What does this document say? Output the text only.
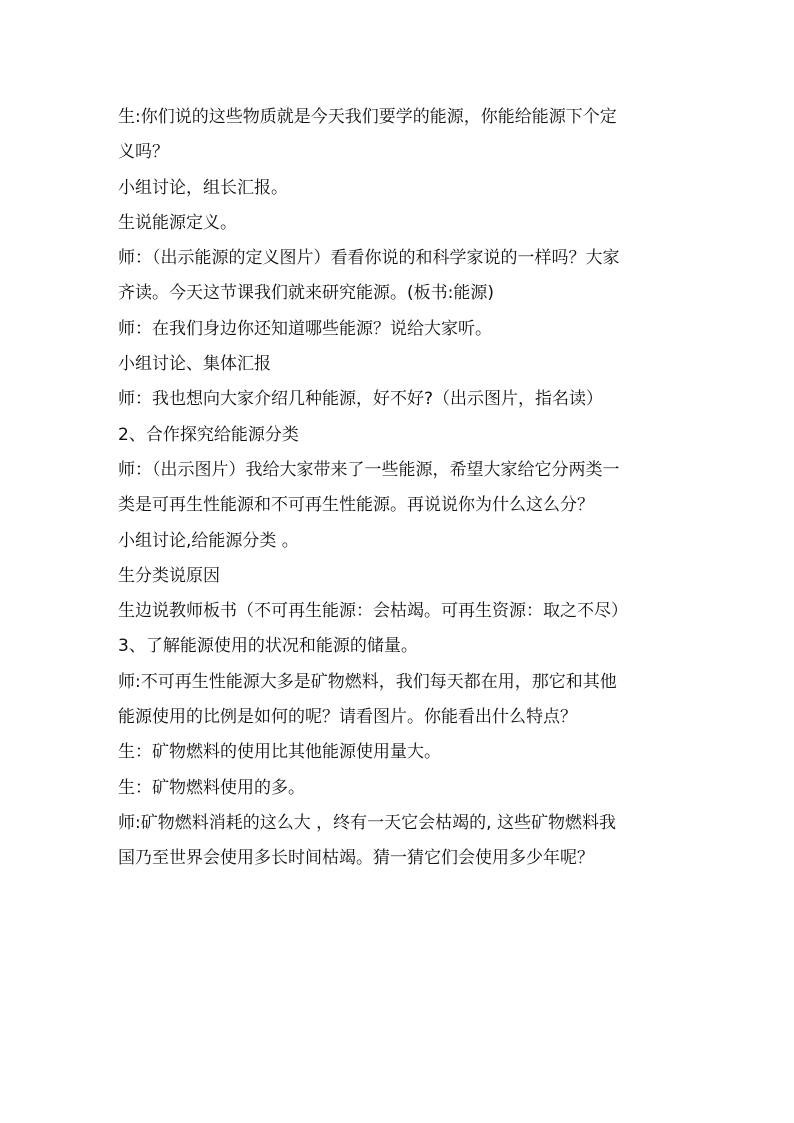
生:你们说的这些物质就是今天我们要学的能源，你能给能源下个定
义吗？
小组讨论，组长汇报。
生说能源定义。
师：（出示能源的定义图片）看看你说的和科学家说的一样吗？大家
齐读。今天这节课我们就来研究能源。(板书:能源)
师：在我们身边你还知道哪些能源？说给大家听。
小组讨论、集体汇报
师：我也想向大家介绍几种能源，好不好?（出示图片，指名读）
2、合作探究给能源分类
师：（出示图片）我给大家带来了一些能源，希望大家给它分两类一
类是可再生性能源和不可再生性能源。再说说你为什么这么分？
小组讨论,给能源分类 。
生分类说原因
生边说教师板书（不可再生能源：会枯竭。可再生资源：取之不尽）
3、了解能源使用的状况和能源的储量。
师:不可再生性能源大多是矿物燃料，我们每天都在用，那它和其他
能源使用的比例是如何的呢？请看图片。你能看出什么特点？
生：矿物燃料的使用比其他能源使用量大。
生：矿物燃料使用的多。
师:矿物燃料消耗的这么大 ，终有一天它会枯竭的, 这些矿物燃料我
国乃至世界会使用多长时间枯竭。猜一猜它们会使用多少年呢？
